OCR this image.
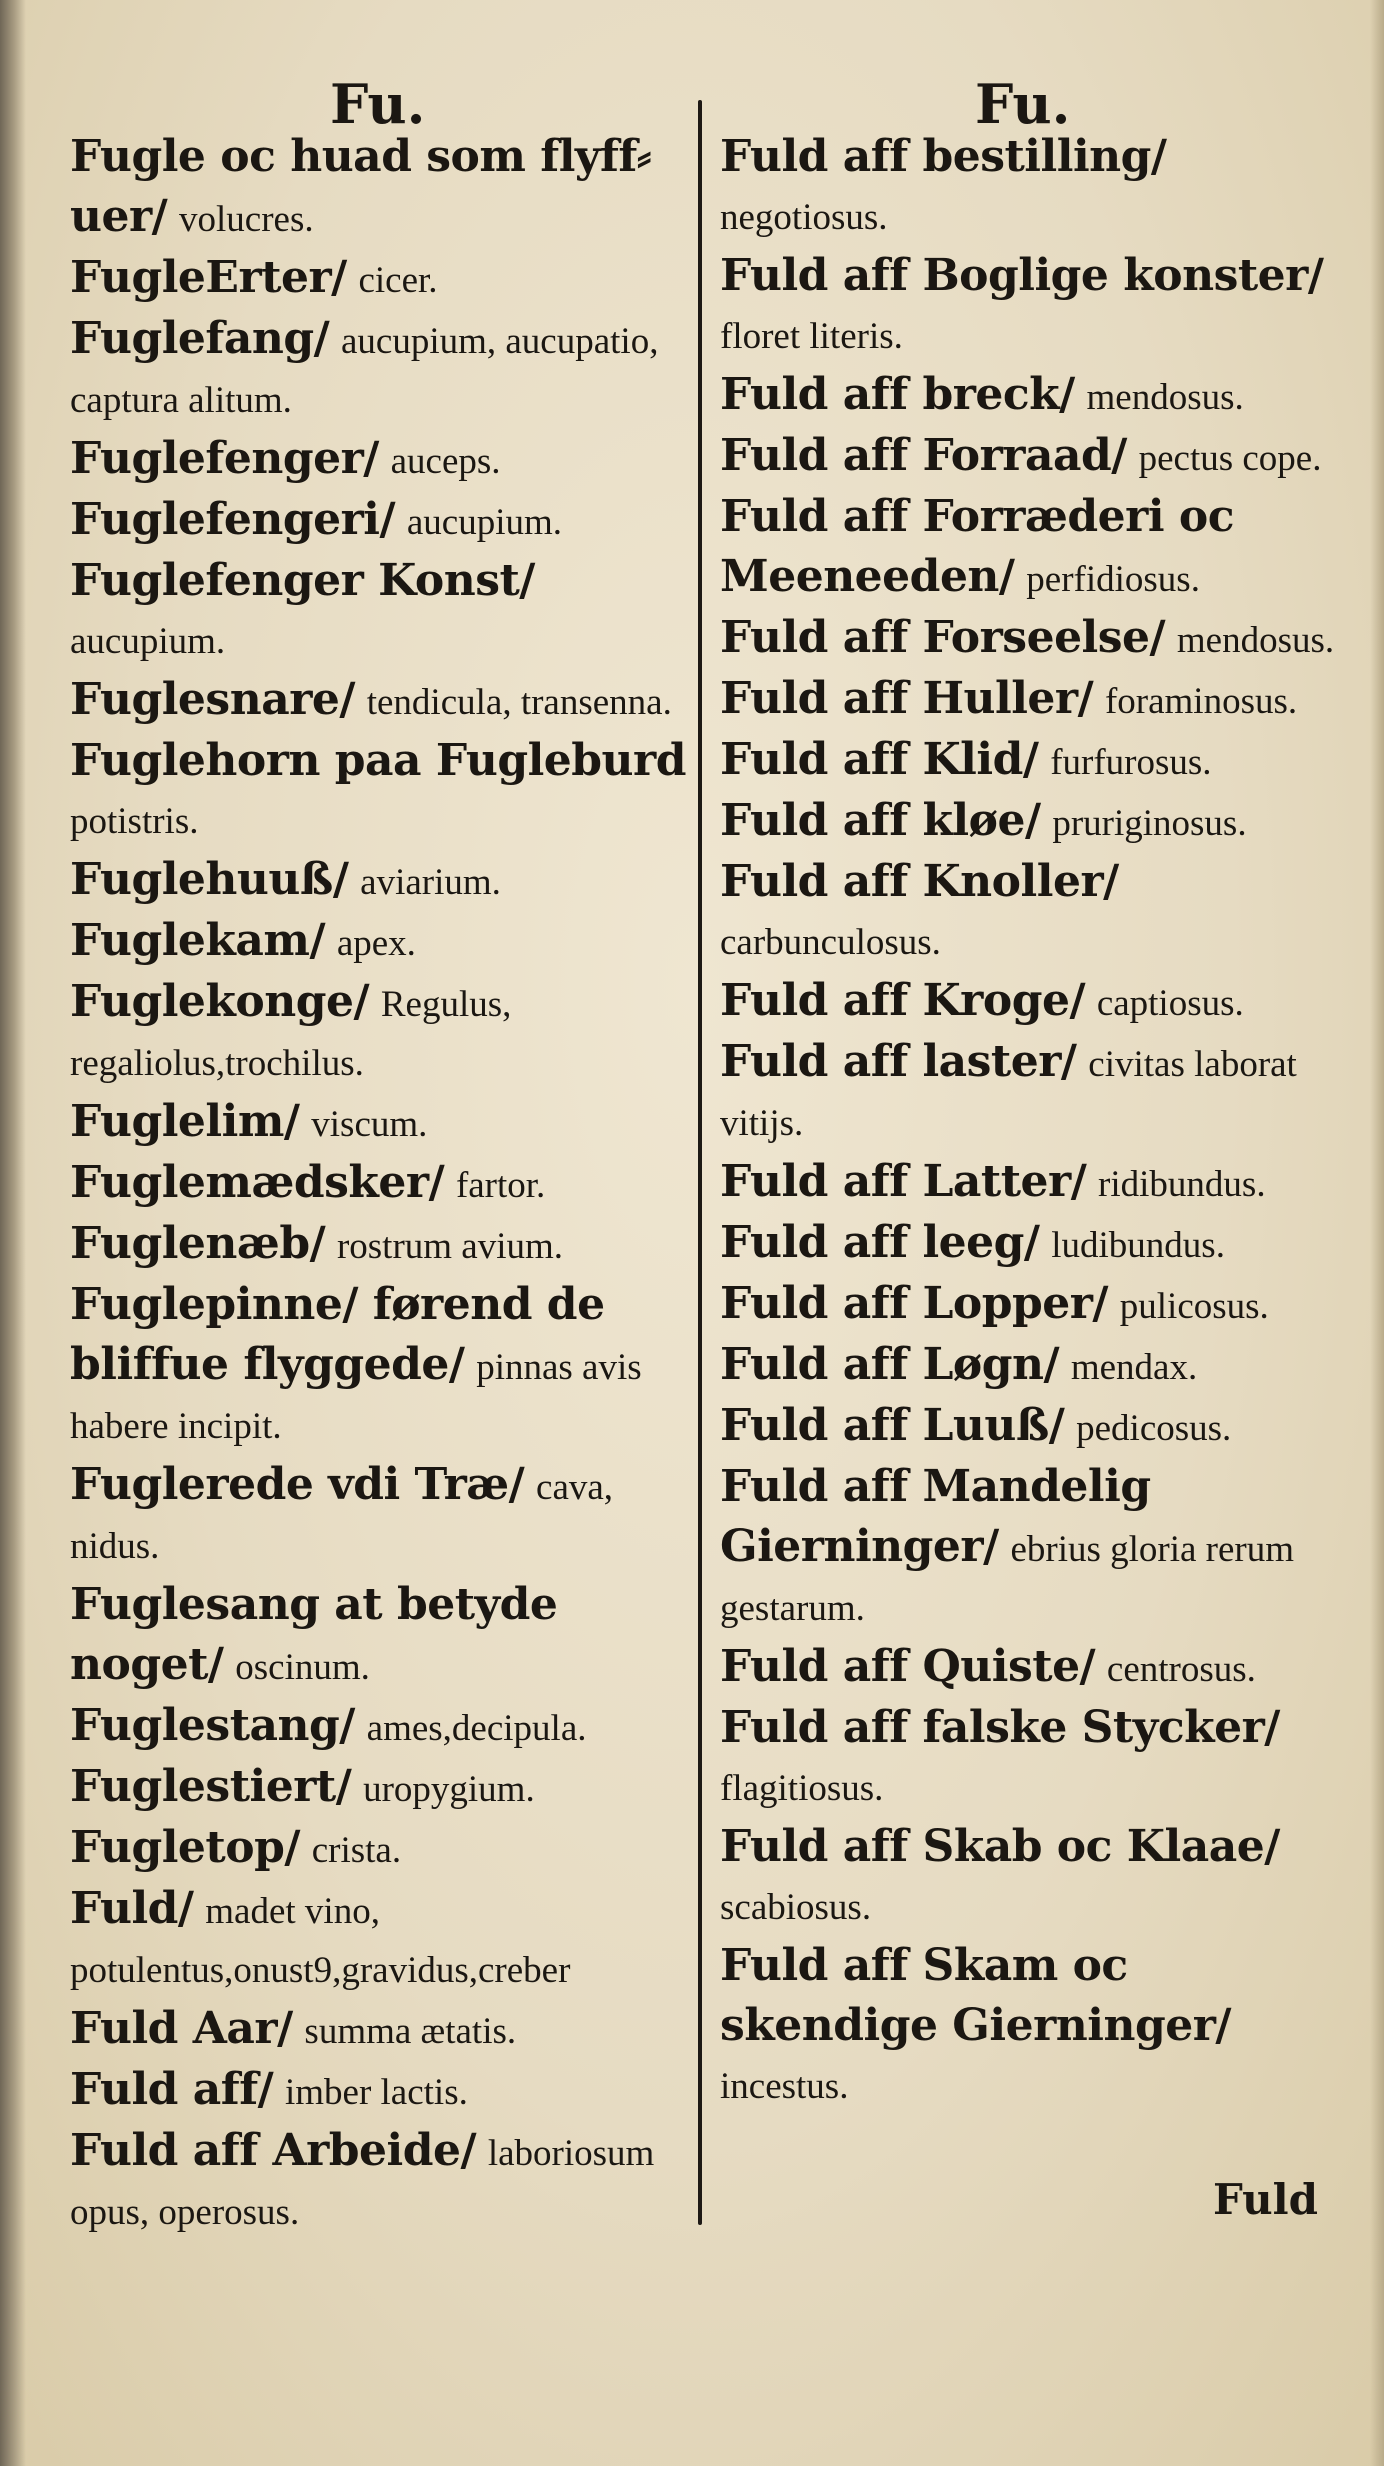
Fu.	Fu.
Fugle oc huad som flyff⸗ uer/ volucres.
FugleErter/ cicer.
Fuglefang/ aucupium, aucupatio, captura alitum.
Fuglefenger/ auceps.
Fuglefengeri/ aucupium.
Fuglefenger Konst/ aucupium.
Fuglesnare/ tendicula, transenna.
Fuglehorn paa Fugleburd potistris.
Fuglehuuß/ aviarium.
Fuglekam/ apex.
Fuglekonge/ Regulus, regaliolus,trochilus.
Fuglelim/ viscum.
Fuglemædsker/ fartor.
Fuglenæb/ rostrum avium.
Fuglepinne/ førend de bliffue flyggede/ pinnas avis habere incipit.
Fuglerede vdi Træ/ cava, nidus.
Fuglesang at betyde noget/ oscinum.
Fuglestang/ ames,decipula.
Fuglestiert/ uropygium.
Fugletop/ crista.
Fuld/ madet vino, potulentus,onust9,gravidus,creber
Fuld Aar/ summa ætatis.
Fuld aff/ imber lactis.
Fuld aff Arbeide/ laboriosum opus, operosus.
Fuld aff bestilling/ negotiosus.
Fuld aff Boglige konster/ floret literis.
Fuld aff breck/ mendosus.
Fuld aff Forraad/ pectus cope.
Fuld aff Forræderi oc Meeneeden/ perfidiosus.
Fuld aff Forseelse/ mendosus.
Fuld aff Huller/ foraminosus.
Fuld aff Klid/ furfurosus.
Fuld aff kløe/ pruriginosus.
Fuld aff Knoller/ carbunculosus.
Fuld aff Kroge/ captiosus.
Fuld aff laster/ civitas laborat vitijs.
Fuld aff Latter/ ridibundus.
Fuld aff leeg/ ludibundus.
Fuld aff Lopper/ pulicosus.
Fuld aff Løgn/ mendax.
Fuld aff Luuß/ pedicosus.
Fuld aff Mandelig Gierninger/ ebrius gloria rerum gestarum.
Fuld aff Quiste/ centrosus.
Fuld aff falske Stycker/ flagitiosus.
Fuld aff Skab oc Klaae/ scabiosus.
Fuld aff Skam oc skendige Gierninger/ incestus.
Fuld
